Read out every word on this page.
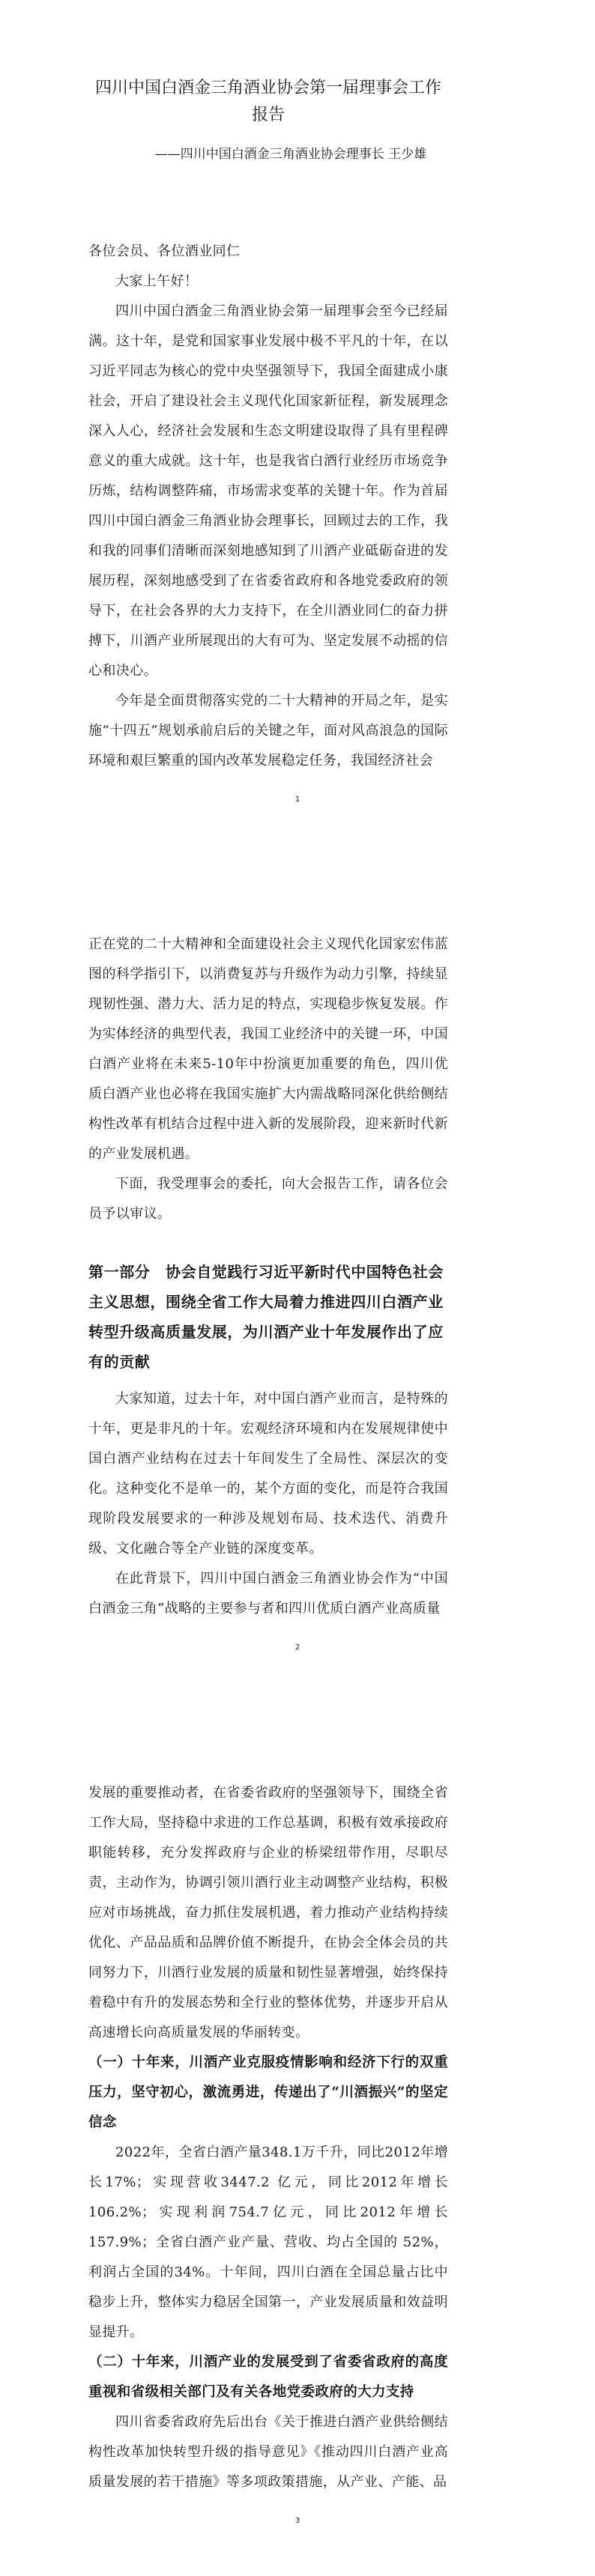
四川中国白酒金三角酒业协会第一届理事会工作报告
——四川中国白酒金三角酒业协会理事长 王少雄

各位会员、各位酒业同仁

大家上午好！

四川中国白酒金三角酒业协会第一届理事会至今已经届满。这十年，是党和国家事业发展中极不平凡的十年，在以习近平同志为核心的党中央坚强领导下，我国全面建成小康社会，开启了建设社会主义现代化国家新征程，新发展理念深入人心，经济社会发展和生态文明建设取得了具有里程碑意义的重大成就。这十年，也是我省白酒行业经历市场竞争历炼，结构调整阵痛，市场需求变革的关键十年。作为首届四川中国白酒金三角酒业协会理事长，回顾过去的工作，我和我的同事们清晰而深刻地感知到了川酒产业砥砺奋进的发展历程，深刻地感受到了在省委省政府和各地党委政府的领导下，在社会各界的大力支持下，在全川酒业同仁的奋力拼搏下，川酒产业所展现出的大有可为、坚定发展不动摇的信心和决心。

今年是全面贯彻落实党的二十大精神的开局之年，是实施“十四五”规划承前启后的关键之年，面对风高浪急的国际环境和艰巨繁重的国内改革发展稳定任务，我国经济社会

1

正在党的二十大精神和全面建设社会主义现代化国家宏伟蓝图的科学指引下，以消费复苏与升级作为动力引擎，持续显现韧性强、潜力大、活力足的特点，实现稳步恢复发展。作为实体经济的典型代表，我国工业经济中的关键一环，中国白酒产业将在未来5-10年中扮演更加重要的角色，四川优质白酒产业也必将在我国实施扩大内需战略同深化供给侧结构性改革有机结合过程中进入新的发展阶段，迎来新时代新的产业发展机遇。

下面，我受理事会的委托，向大会报告工作，请各位会员予以审议。

第一部分　协会自觉践行习近平新时代中国特色社会主义思想，围绕全省工作大局着力推进四川白酒产业转型升级高质量发展，为川酒产业十年发展作出了应有的贡献

大家知道，过去十年，对中国白酒产业而言，是特殊的十年，更是非凡的十年。宏观经济环境和内在发展规律使中国白酒产业结构在过去十年间发生了全局性、深层次的变化。这种变化不是单一的，某个方面的变化，而是符合我国现阶段发展要求的一种涉及规划布局、技术迭代、消费升级、文化融合等全产业链的深度变革。

在此背景下，四川中国白酒金三角酒业协会作为“中国白酒金三角”战略的主要参与者和四川优质白酒产业高质量

2

发展的重要推动者，在省委省政府的坚强领导下，围绕全省工作大局，坚持稳中求进的工作总基调，积极有效承接政府职能转移，充分发挥政府与企业的桥梁纽带作用，尽职尽责，主动作为，协调引领川酒行业主动调整产业结构，积极应对市场挑战，奋力抓住发展机遇，着力推动产业结构持续优化、产品品质和品牌价值不断提升，在协会全体会员的共同努力下，川酒行业发展的质量和韧性显著增强，始终保持着稳中有升的发展态势和全行业的整体优势，并逐步开启从高速增长向高质量发展的华丽转变。

（一）十年来，川酒产业克服疫情影响和经济下行的双重压力，坚守初心，激流勇进，传递出了“川酒振兴”的坚定信念

2022年，全省白酒产量348.1万千升，同比2012年增长17%；实现营收3447.2 亿元，同比2012年增长106.2%；实现利润754.7亿元，同比2012年增长157.9%；全省白酒产业产量、营收、均占全国的 52%，利润占全国的34%。十年间，四川白酒在全国总量占比中稳步上升，整体实力稳居全国第一，产业发展质量和效益明显提升。

（二）十年来，川酒产业的发展受到了省委省政府的高度重视和省级相关部门及有关各地党委政府的大力支持

四川省委省政府先后出台《关于推进白酒产业供给侧结构性改革加快转型升级的指导意见》《推动四川白酒产业高质量发展的若干措施》等多项政策措施，从产业、产能、品

3
